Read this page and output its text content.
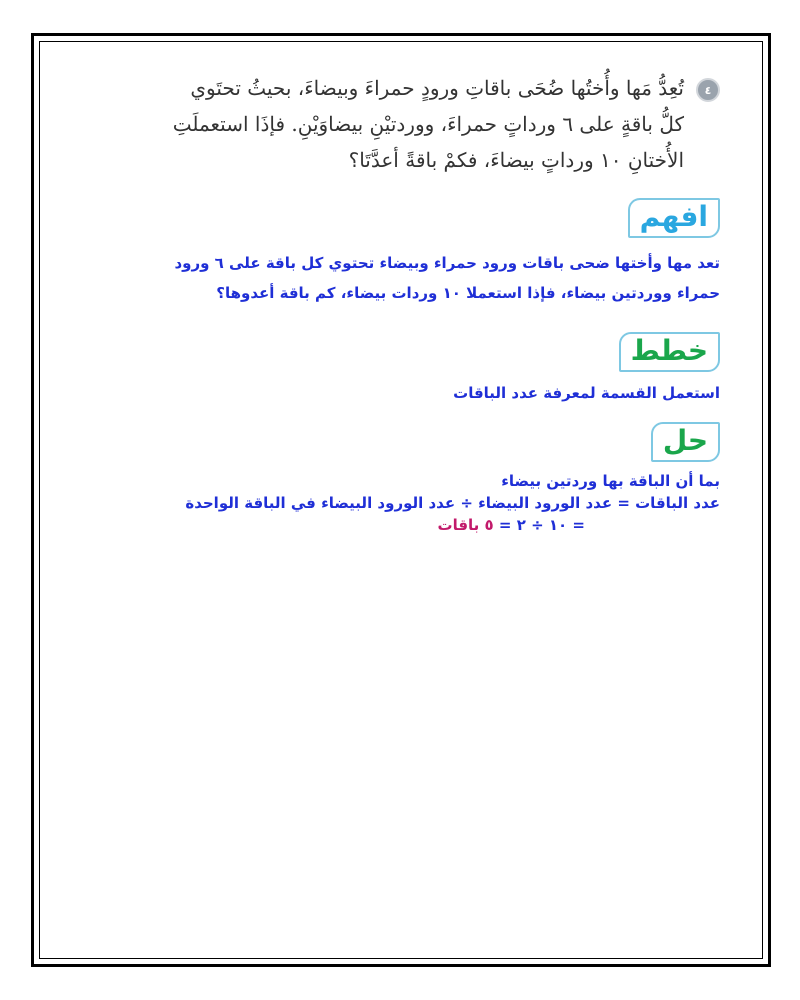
٤
تُعِدُّ مَها وأُختُها ضُحَى باقاتِ ورودٍ حمراءَ وبيضاءَ، بحيثُ تحتَوي
كلُّ باقةٍ على ٦ ورداتٍ حمراءَ، ووردتيْنِ بيضاوَيْنِ. فإذَا استعملَتِ
الأُختانِ ١٠ ورداتٍ بيضاءَ، فكمْ باقةً أعدَّتَا؟
افهم
تعد مها وأختها ضحى باقات ورود حمراء وبيضاء تحتوي كل باقة على ٦ ورود
حمراء ووردتين بيضاء، فإذا استعملا ١٠ وردات بيضاء، كم باقة أعدوها؟
خطط
استعمل القسمة لمعرفة عدد الباقات
حل
بما أن الباقة بها وردتين بيضاء
عدد الباقات = عدد الورود البيضاء ÷ عدد الورود البيضاء في الباقة الواحدة
= ١٠ ÷ ٢ = ٥ باقات
